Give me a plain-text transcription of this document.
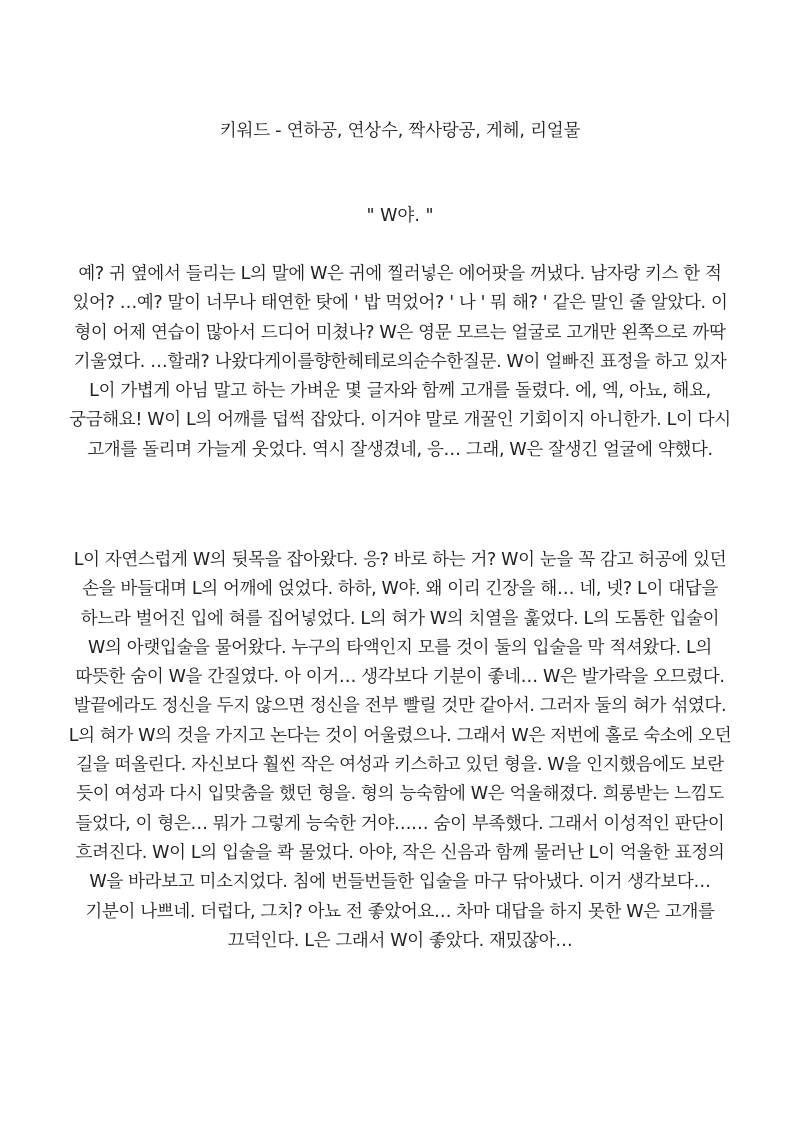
키워드 - 연하공, 연상수, 짝사랑공, 게헤, 리얼물
" W야. "

예? 귀 옆에서 들리는 L의 말에 W은 귀에 찔러넣은 에어팟을 꺼냈다. 남자랑 키스 한 적 있어? …예? 말이 너무나 태연한 탓에 ' 밥 먹었어? ' 나 ' 뭐 해? ' 같은 말인 줄 알았다. 이 형이 어제 연습이 많아서 드디어 미쳤나? W은 영문 모르는 얼굴로 고개만 왼쪽으로 까딱 기울였다. …할래? 나왔다게이를향한헤테로의순수한질문. W이 얼빠진 표정을 하고 있자 L이 가볍게 아님 말고 하는 가벼운 몇 글자와 함께 고개를 돌렸다. 에, 엑, 아뇨, 해요, 궁금해요! W이 L의 어깨를 덥썩 잡았다. 이거야 말로 개꿀인 기회이지 아니한가. L이 다시 고개를 돌리며 가늘게 웃었다. 역시 잘생겼네, 응… 그래, W은 잘생긴 얼굴에 약했다.

L이 자연스럽게 W의 뒷목을 잡아왔다. 응? 바로 하는 거? W이 눈을 꼭 감고 허공에 있던 손을 바들대며 L의 어깨에 얹었다. 하하, W야. 왜 이리 긴장을 해… 네, 넷? L이 대답을 하느라 벌어진 입에 혀를 집어넣었다. L의 혀가 W의 치열을 훑었다. L의 도톰한 입술이 W의 아랫입술을 물어왔다. 누구의 타액인지 모를 것이 둘의 입술을 막 적셔왔다. L의 따뜻한 숨이 W을 간질였다. 아 이거… 생각보다 기분이 좋네… W은 발가락을 오므렸다. 발끝에라도 정신을 두지 않으면 정신을 전부 빨릴 것만 같아서. 그러자 둘의 혀가 섞였다. L의 혀가 W의 것을 가지고 논다는 것이 어울렸으나. 그래서 W은 저번에 홀로 숙소에 오던 길을 떠올린다. 자신보다 훨씬 작은 여성과 키스하고 있던 형을. W을 인지했음에도 보란 듯이 여성과 다시 입맞춤을 했던 형을. 형의 능숙함에 W은 억울해졌다. 희롱받는 느낌도 들었다, 이 형은… 뭐가 그렇게 능숙한 거야…… 숨이 부족했다. 그래서 이성적인 판단이 흐려진다. W이 L의 입술을 콱 물었다. 아야, 작은 신음과 함께 물러난 L이 억울한 표정의 W을 바라보고 미소지었다. 침에 번들번들한 입술을 마구 닦아냈다. 이거 생각보다… 기분이 나쁘네. 더럽다, 그치? 아뇨 전 좋았어요… 차마 대답을 하지 못한 W은 고개를 끄덕인다. L은 그래서 W이 좋았다. 재밌잖아…
